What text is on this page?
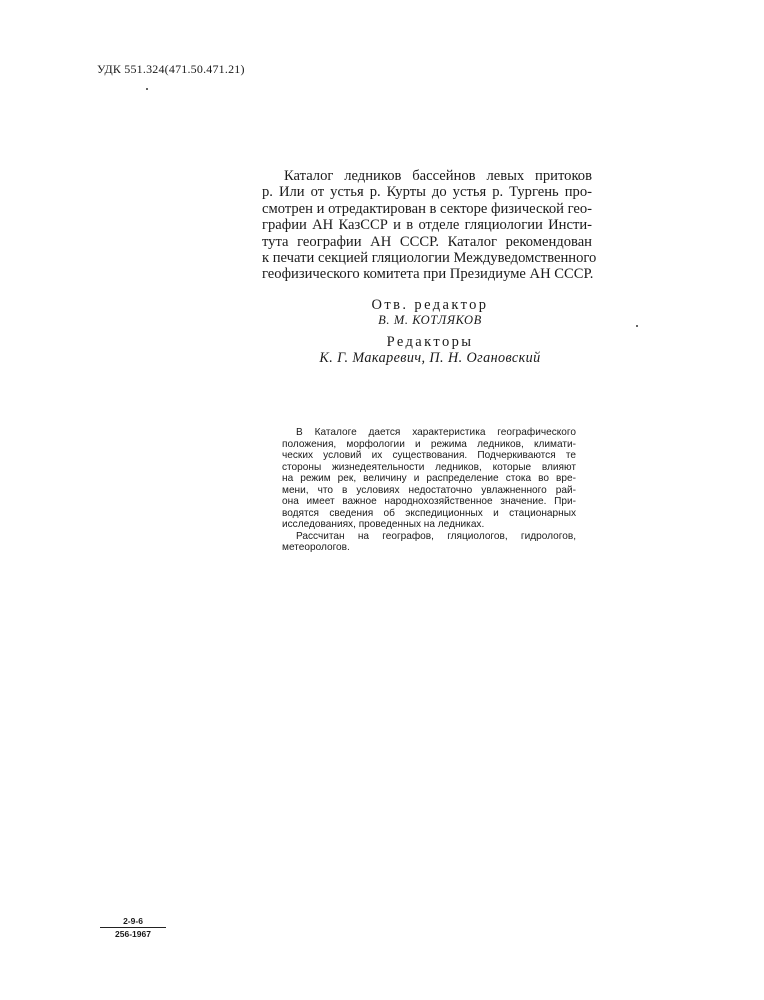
УДК 551.324(471.50.471.21)
Каталог ледников бассейнов левых притоков
р. Или от устья р. Курты до устья р. Тургень про-
смотрен и отредактирован в секторе физической гео-
графии АН КазССР и в отделе гляциологии Инсти-
тута географии АН СССР. Каталог рекомендован
к печати секцией гляциологии Междуведомственного
геофизического комитета при Президиуме АН СССР.
Отв. редактор
В. М. КОТЛЯКОВ
Редакторы
К. Г. Макаревич, П. Н. Огановский

В Каталоге дается характеристика географического
положения, морфологии и режима ледников, климати-
ческих условий их существования. Подчеркиваются те
стороны жизнедеятельности ледников, которые влияют
на режим рек, величину и распределение стока во вре-
мени, что в условиях недостаточно увлажненного рай-
она имеет важное народнохозяйственное значение. При-
водятся сведения об экспедиционных и стационарных
исследованиях, проведенных на ледниках.

Рассчитан на географов, гляциологов, гидрологов,
метеорологов.

2-9-6
256-1967
